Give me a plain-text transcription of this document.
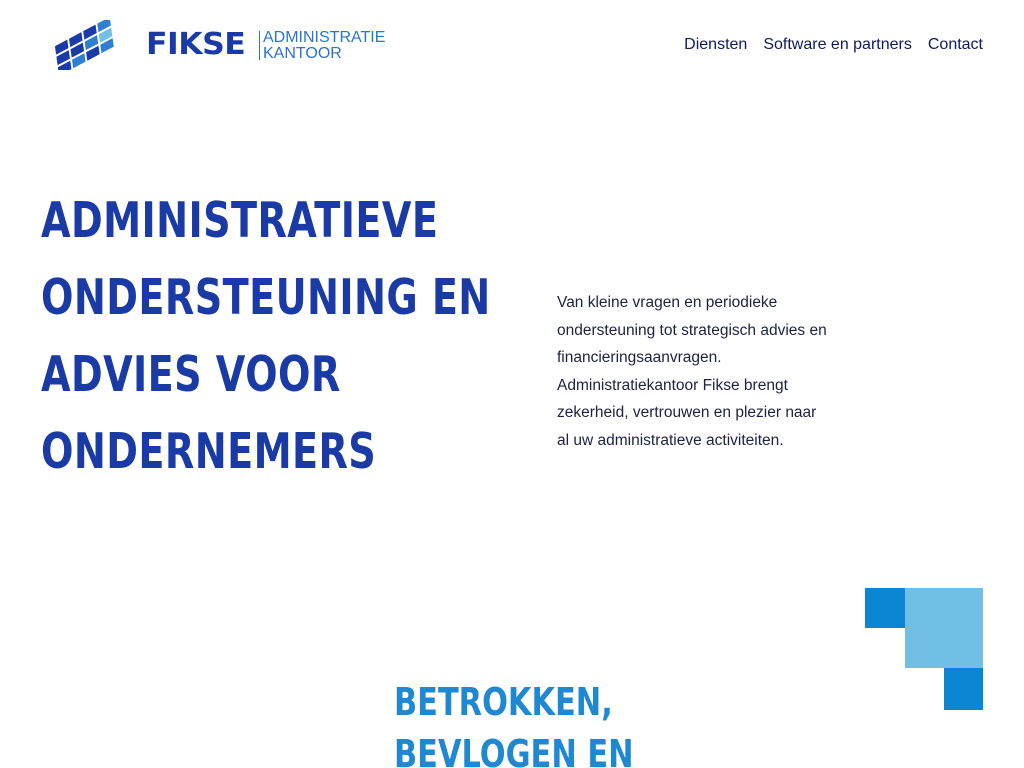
FIKSE ADMINISTRATIE
KANTOOR
Diensten Software en partners Contact
ADMINISTRATIEVE
ONDERSTEUNING EN
ADVIES VOOR
ONDERNEMERS

Van kleine vragen en periodieke ondersteuning tot strategisch advies en financieringsaanvragen. Administratiekantoor Fikse brengt zekerheid, vertrouwen en plezier naar al uw administratieve activiteiten.

BETROKKEN,
BEVLOGEN EN
